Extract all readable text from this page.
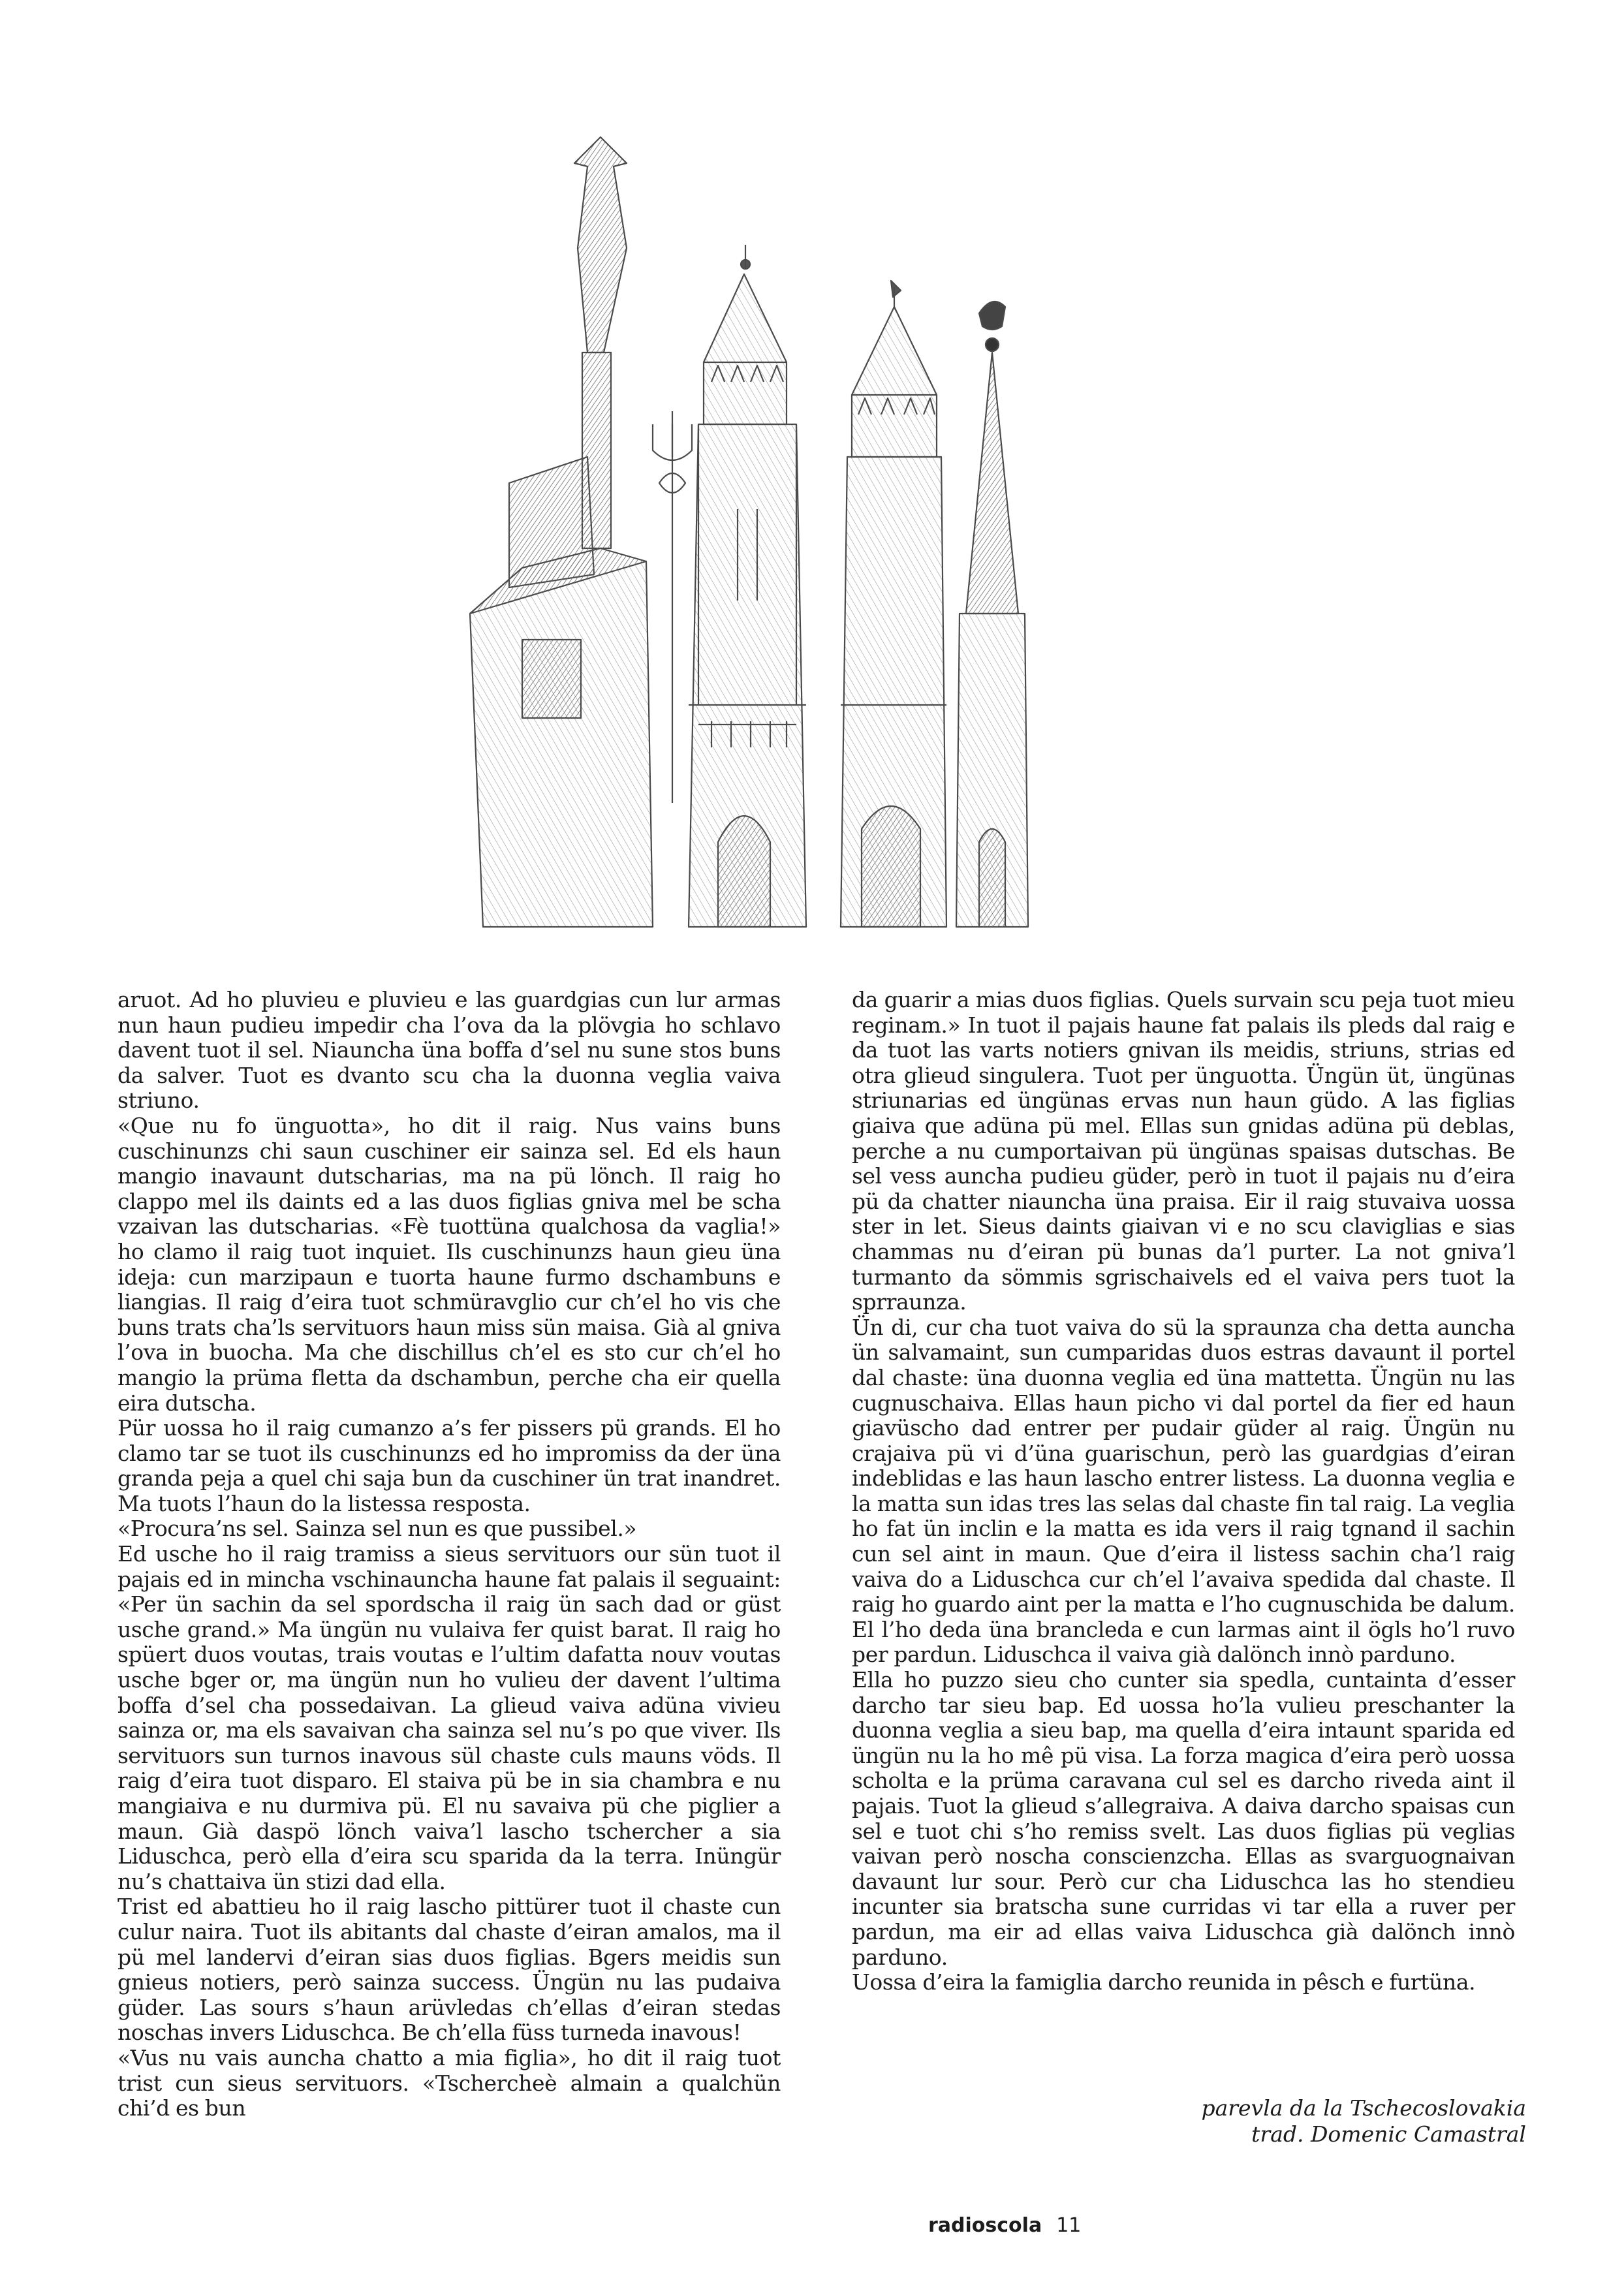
aruot. Ad ho pluvieu e pluvieu e las guardgias cun lur armas nun haun pudieu impedir cha l’ova da la plövgia ho schlavo davent tuot il sel. Niauncha üna boffa d’sel nu sune stos buns da salver. Tuot es dvanto scu cha la duonna veglia vaiva striuno.

«Que nu fo ünguotta», ho dit il raig. Nus vains buns cuschinunzs chi saun cuschiner eir sainza sel. Ed els haun mangio inavaunt dutscharias, ma na pü lönch. Il raig ho clappo mel ils daints ed a las duos figlias gniva mel be scha vzaivan las dutscharias. «Fè tuottüna qualchosa da vaglia!» ho clamo il raig tuot inquiet. Ils cuschinunzs haun gieu üna ideja: cun marzipaun e tuorta haune furmo dschambuns e liangias. Il raig d’eira tuot schmüravglio cur ch’el ho vis che buns trats cha’ls servituors haun miss sün maisa. Già al gniva l’ova in buocha. Ma che dischillus ch’el es sto cur ch’el ho mangio la prüma fletta da dschambun, perche cha eir quella eira dutscha.

Pür uossa ho il raig cumanzo a’s fer pissers pü grands. El ho clamo tar se tuot ils cuschinunzs ed ho impromiss da der üna granda peja a quel chi saja bun da cuschiner ün trat inandret. Ma tuots l’haun do la listessa resposta.

«Procura’ns sel. Sainza sel nun es que pussibel.»

Ed usche ho il raig tramiss a sieus servituors our sün tuot il pajais ed in mincha vschinauncha haune fat palais il seguaint: «Per ün sachin da sel spordscha il raig ün sach dad or güst usche grand.» Ma üngün nu vulaiva fer quist barat. Il raig ho spüert duos voutas, trais voutas e l’ultim dafatta nouv voutas usche bger or, ma üngün nun ho vulieu der davent l’ultima boffa d’sel cha possedaivan. La glieud vaiva adüna vivieu sainza or, ma els savaivan cha sainza sel nu’s po que viver. Ils servituors sun turnos inavous sül chaste culs mauns vöds. Il raig d’eira tuot disparo. El staiva pü be in sia chambra e nu mangiaiva e nu durmiva pü. El nu savaiva pü che piglier a maun. Già daspö lönch vaiva’l lascho tschercher a sia Liduschca, però ella d’eira scu sparida da la terra. Inüngür nu’s chattaiva ün stizi dad ella.

Trist ed abattieu ho il raig lascho pittürer tuot il chaste cun culur naira. Tuot ils abitants dal chaste d’eiran amalos, ma il pü mel landervi d’eiran sias duos figlias. Bgers meidis sun gnieus notiers, però sainza success. Üngün nu las pudaiva güder. Las sours s’haun arüvledas ch’ellas d’eiran stedas noschas invers Liduschca. Be ch’ella füss turneda inavous!

«Vus nu vais auncha chatto a mia figlia», ho dit il raig tuot trist cun sieus servituors. «Tschercheè almain a qualchün chi’d es bun

da guarir a mias duos figlias. Quels survain scu peja tuot mieu reginam.» In tuot il pajais haune fat palais ils pleds dal raig e da tuot las varts notiers gnivan ils meidis, striuns, strias ed otra glieud singulera. Tuot per ünguotta. Üngün üt, üngünas striunarias ed üngünas ervas nun haun güdo. A las figlias giaiva que adüna pü mel. Ellas sun gnidas adüna pü deblas, perche a nu cumportaivan pü üngünas spaisas dutschas. Be sel vess auncha pudieu güder, però in tuot il pajais nu d’eira pü da chatter niauncha üna praisa. Eir il raig stuvaiva uossa ster in let. Sieus daints giaivan vi e no scu claviglias e sias chammas nu d’eiran pü bunas da’l purter. La not gniva’l turmanto da sömmis sgrischaivels ed el vaiva pers tuot la sprraunza.

Ün di, cur cha tuot vaiva do sü la spraunza cha detta auncha ün salvamaint, sun cumparidas duos estras davaunt il portel dal chaste: üna duonna veglia ed üna mattetta. Üngün nu las cugnuschaiva. Ellas haun picho vi dal portel da fier ed haun giavüscho dad entrer per pudair güder al raig. Üngün nu crajaiva pü vi d’üna guarischun, però las guardgias d’eiran indeblidas e las haun lascho entrer listess. La duonna veglia e la matta sun idas tres las selas dal chaste fin tal raig. La veglia ho fat ün inclin e la matta es ida vers il raig tgnand il sachin cun sel aint in maun. Que d’eira il listess sachin cha’l raig vaiva do a Liduschca cur ch’el l’avaiva spedida dal chaste. Il raig ho guardo aint per la matta e l’ho cugnuschida be dalum. El l’ho deda üna brancleda e cun larmas aint il ögls ho’l ruvo per pardun. Liduschca il vaiva già dalönch innò parduno.

Ella ho puzzo sieu cho cunter sia spedla, cuntainta d’esser darcho tar sieu bap. Ed uossa ho’la vulieu preschanter la duonna veglia a sieu bap, ma quella d’eira intaunt sparida ed üngün nu la ho mê pü visa. La forza magica d’eira però uossa scholta e la prüma caravana cul sel es darcho riveda aint il pajais. Tuot la glieud s’allegraiva. A daiva darcho spaisas cun sel e tuot chi s’ho remiss svelt. Las duos figlias pü veglias vaivan però noscha conscienzcha. Ellas as svarguognaivan davaunt lur sour. Però cur cha Liduschca las ho stendieu incunter sia bratscha sune curridas vi tar ella a ruver per pardun, ma eir ad ellas vaiva Liduschca già dalönch innò parduno.

Uossa d’eira la famiglia darcho reunida in pêsch e furtüna.

parevla da la Tschecoslovakia
trad. Domenic Camastral
radioscola 11
